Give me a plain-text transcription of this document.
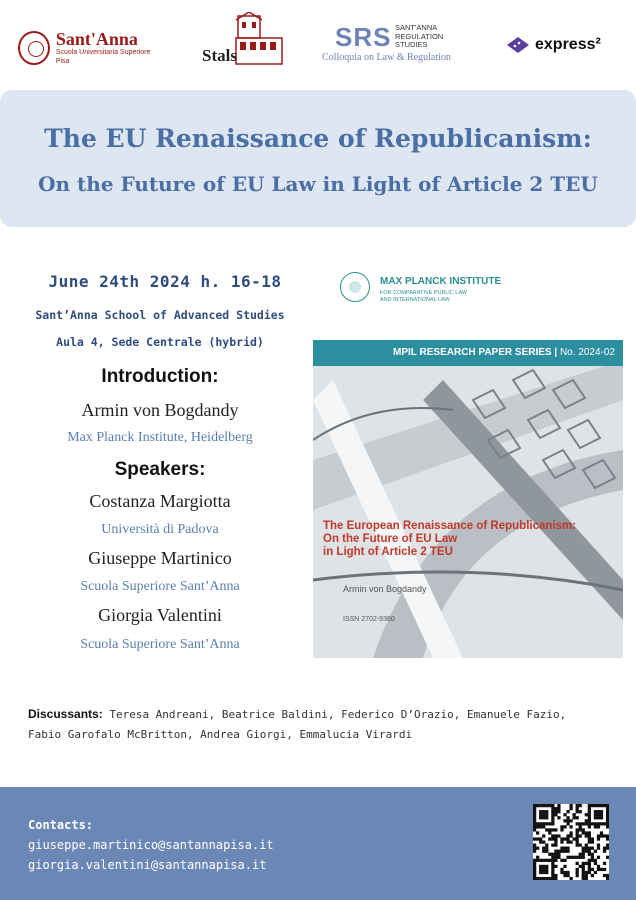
Sant'Anna
Scuola Universitaria Superiore Pisa	Stals
SRS SANT'ANNA
REGULATION
STUDIES
Colloquia on Law & Regulation
express²
The EU Renaissance of Republicanism:
On the Future of EU Law in Light of Article 2 TEU
June 24th 2024 h. 16-18
Sant’Anna School of Advanced Studies
Aula 4, Sede Centrale (hybrid)
Introduction:
Armin von Bogdandy
Max Planck Institute, Heidelberg
Speakers:
Costanza Margiotta
Università di Padova
Giuseppe Martinico
Scuola Superiore Sant’Anna
Giorgia Valentini
Scuola Superiore Sant’Anna
MAX PLANCK INSTITUTE
FOR COMPARATIVE PUBLIC LAW
AND INTERNATIONAL LAW
MPIL RESEARCH PAPER SERIES | No. 2024-02
The European Renaissance of Republicanism:
On the Future of EU Law
in Light of Article 2 TEU
Armin von Bogdandy
ISSN 2702-9360
Discussants: Teresa Andreani, Beatrice Baldini, Federico D’Orazio, Emanuele Fazio,
Fabio Garofalo McBritton, Andrea Giorgi, Emmalucia Virardi
Contacts:
giuseppe.martinico@santannapisa.it
giorgia.valentini@santannapisa.it
